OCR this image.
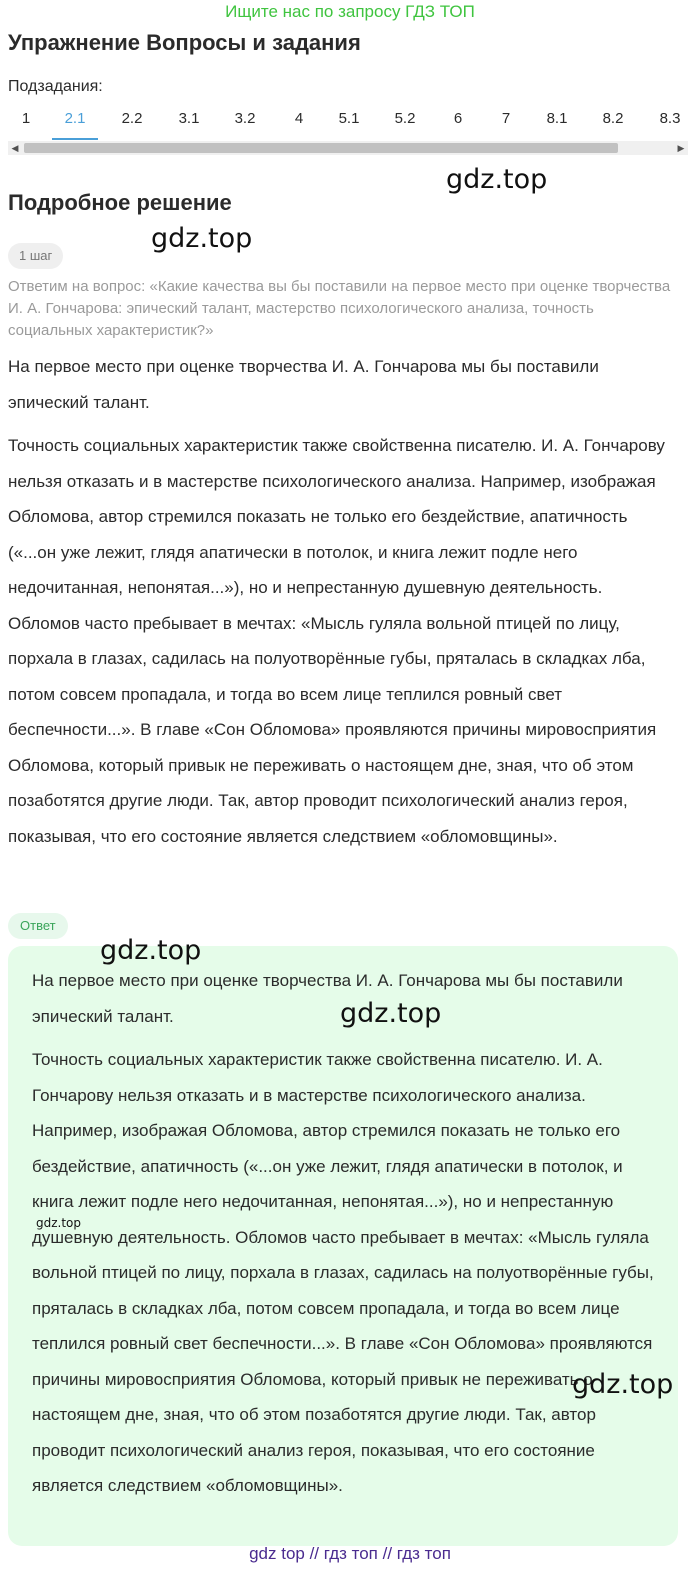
Ищите нас по запросу ГДЗ ТОП
Упражнение Вопросы и задания
Подзадания:
1	2.1	2.2	3.1	3.2	4	5.1	5.2	6	7	8.1	8.2	8.3
◀	▶
Подробное решение
1 шаг
Ответим на вопрос: «Какие качества вы бы поставили на первое место при оценке творчества И. А. Гончарова: эпический талант, мастерство психологического анализа, точность социальных характеристик?»

На первое место при оценке творчества И. А. Гончарова мы бы поставили эпический талант.

Точность социальных характеристик также свойственна писателю. И. А. Гончарову нельзя отказать и в мастерстве психологического анализа. Например, изображая Обломова, автор стремился показать не только его бездействие, апатичность («...он уже лежит, глядя апатически в потолок, и книга лежит подле него недочитанная, непонятая...»), но и непрестанную душевную деятельность. Обломов часто пребывает в мечтах: «Мысль гуляла вольной птицей по лицу, порхала в глазах, садилась на полуотворённые губы, пряталась в складках лба, потом совсем пропадала, и тогда во всем лице теплился ровный свет беспечности...». В главе «Сон Обломова» проявляются причины мировосприятия Обломова, который привык не переживать о настоящем дне, зная, что об этом позаботятся другие люди. Так, автор проводит психологический анализ героя, показывая, что его состояние является следствием «обломовщины».

Ответ

На первое место при оценке творчества И. А. Гончарова мы бы поставили эпический талант.

Точность социальных характеристик также свойственна писателю. И. А. Гончарову нельзя отказать и в мастерстве психологического анализа. Например, изображая Обломова, автор стремился показать не только его бездействие, апатичность («...он уже лежит, глядя апатически в потолок, и книга лежит подле него недочитанная, непонятая...»), но и непрестанную душевную деятельность. Обломов часто пребывает в мечтах: «Мысль гуляла вольной птицей по лицу, порхала в глазах, садилась на полуотворённые губы, пряталась в складках лба, потом совсем пропадала, и тогда во всем лице теплился ровный свет беспечности...». В главе «Сон Обломова» проявляются причины мировосприятия Обломова, который привык не переживать о настоящем дне, зная, что об этом позаботятся другие люди. Так, автор проводит психологический анализ героя, показывая, что его состояние является следствием «обломовщины».

gdz.top
gdz.top
gdz.top
gdz.top
gdz.top
gdz.top
gdz top // гдз топ // гдз топ
